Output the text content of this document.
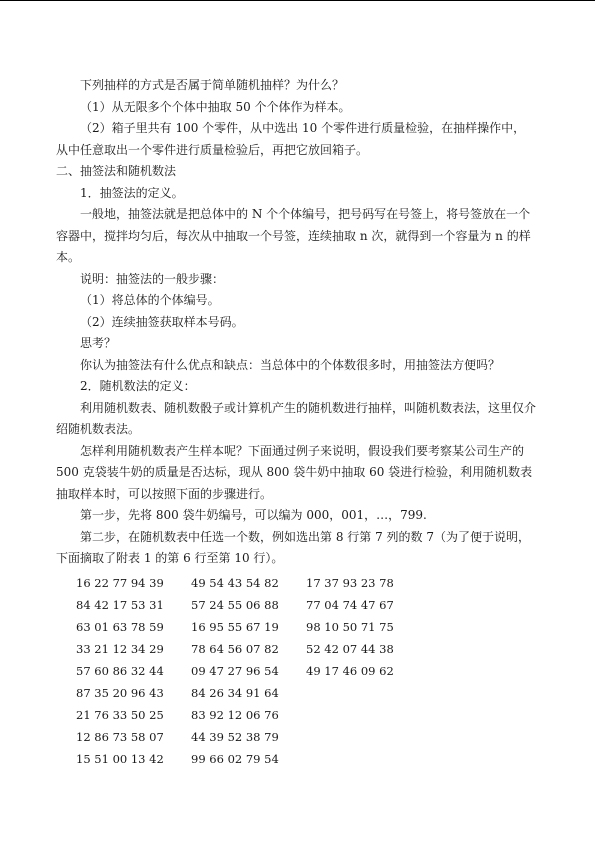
下列抽样的方式是否属于简单随机抽样？为什么？

（1）从无限多个个体中抽取 50 个个体作为样本。

（2）箱子里共有 100 个零件，从中选出 10 个零件进行质量检验，在抽样操作中，从中任意取出一个零件进行质量检验后，再把它放回箱子。

二、抽签法和随机数法

1．抽签法的定义。

一般地，抽签法就是把总体中的 N 个个体编号，把号码写在号签上，将号签放在一个容器中，搅拌均匀后，每次从中抽取一个号签，连续抽取 n 次，就得到一个容量为 n 的样本。

说明：抽签法的一般步骤：

（1）将总体的个体编号。

（2）连续抽签获取样本号码。

思考？

你认为抽签法有什么优点和缺点：当总体中的个体数很多时，用抽签法方便吗？

2．随机数法的定义：

利用随机数表、随机数骰子或计算机产生的随机数进行抽样，叫随机数表法，这里仅介绍随机数表法。

怎样利用随机数表产生样本呢？下面通过例子来说明，假设我们要考察某公司生产的 500 克袋装牛奶的质量是否达标，现从 800 袋牛奶中抽取 60 袋进行检验，利用随机数表抽取样本时，可以按照下面的步骤进行。

第一步，先将 800 袋牛奶编号，可以编为 000，001，…，799.

第二步，在随机数表中任选一个数，例如选出第 8 行第 7 列的数 7（为了便于说明，下面摘取了附表 1 的第 6 行至第 10 行）。

16 22 77 94 39	49 54 43 54 82	17 37 93 23 78
84 42 17 53 31	57 24 55 06 88	77 04 74 47 67
63 01 63 78 59	16 95 55 67 19	98 10 50 71 75
33 21 12 34 29	78 64 56 07 82	52 42 07 44 38
57 60 86 32 44	09 47 27 96 54	49 17 46 09 62
87 35 20 96 43	84 26 34 91 64
21 76 33 50 25	83 92 12 06 76
12 86 73 58 07	44 39 52 38 79
15 51 00 13 42	99 66 02 79 54
